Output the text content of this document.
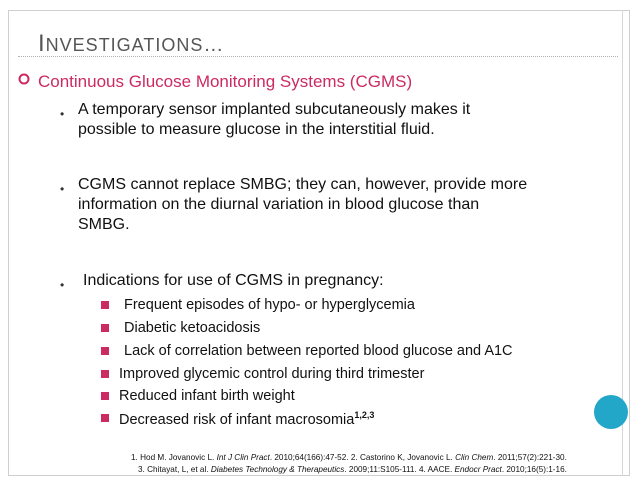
INVESTIGATIONS…
Continuous Glucose Monitoring Systems (CGMS)
• A temporary sensor implanted subcutaneously makes it
possible to measure glucose in the interstitial fluid.
• CGMS cannot replace SMBG; they can, however, provide more
information on the diurnal variation in blood glucose than
SMBG.
• Indications for use of CGMS in pregnancy:
Frequent episodes of hypo- or hyperglycemia
Diabetic ketoacidosis
Lack of correlation between reported blood glucose and A1C
Improved glycemic control during third trimester
Reduced infant birth weight
Decreased risk of infant macrosomia$^{1,2,3}$
1. Hod M. Jovanovic L. Int J Clin Pract. 2010;64(166):47-52. 2. Castorino K, Jovanovic L. Clin Chem. 2011;57(2):221-30.
3. Chitayat, L, et al. Diabetes Technology & Therapeutics. 2009;11:S105-111. 4. AACE. Endocr Pract. 2010;16(5):1-16.
